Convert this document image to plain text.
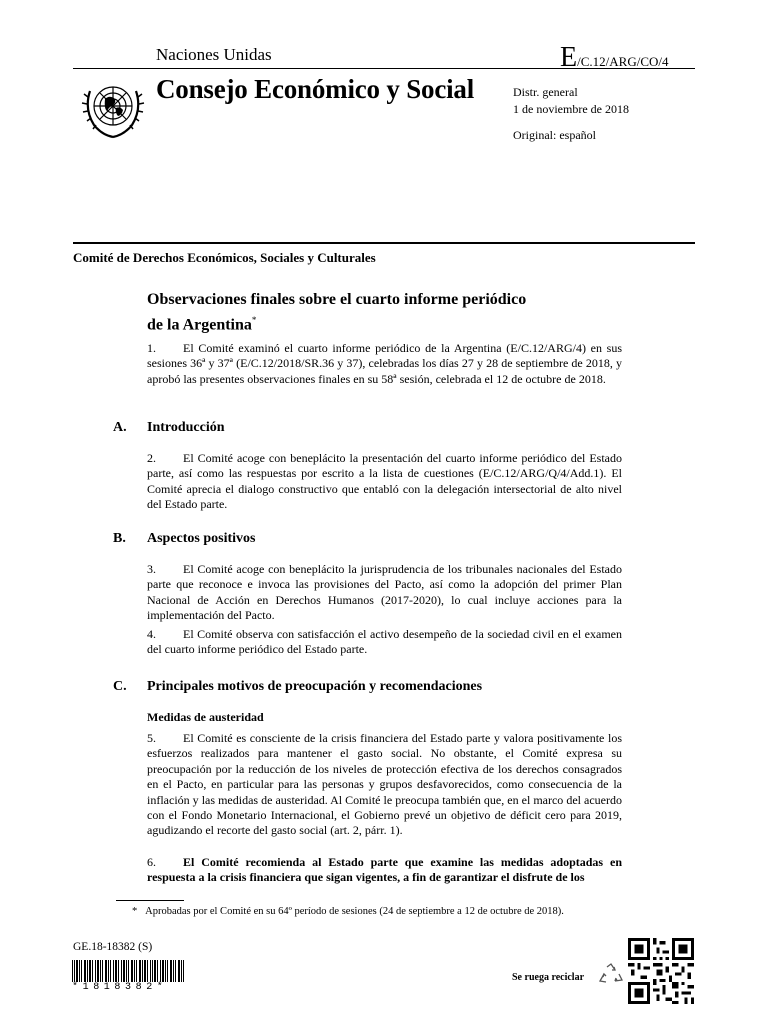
Naciones Unidas
Consejo Económico y Social
E/C.12/ARG/CO/4
Distr. general
1 de noviembre de 2018
Original: español
Comité de Derechos Económicos, Sociales y Culturales
Observaciones finales sobre el cuarto informe periódico
de la Argentina*
1. El Comité examinó el cuarto informe periódico de la Argentina (E/C.12/ARG/4) en sus sesiones 36ª y 37ª (E/C.12/2018/SR.36 y 37), celebradas los días 27 y 28 de septiembre de 2018, y aprobó las presentes observaciones finales en su 58ª sesión, celebrada el 12 de octubre de 2018.
A. Introducción
2. El Comité acoge con beneplácito la presentación del cuarto informe periódico del Estado parte, así como las respuestas por escrito a la lista de cuestiones (E/C.12/ARG/Q/4/Add.1). El Comité aprecia el dialogo constructivo que entabló con la delegación intersectorial de alto nivel del Estado parte.
B. Aspectos positivos
3. El Comité acoge con beneplácito la jurisprudencia de los tribunales nacionales del Estado parte que reconoce e invoca las provisiones del Pacto, así como la adopción del primer Plan Nacional de Acción en Derechos Humanos (2017-2020), lo cual incluye acciones para la implementación del Pacto.
4. El Comité observa con satisfacción el activo desempeño de la sociedad civil en el examen del cuarto informe periódico del Estado parte.
C. Principales motivos de preocupación y recomendaciones
Medidas de austeridad
5. El Comité es consciente de la crisis financiera del Estado parte y valora positivamente los esfuerzos realizados para mantener el gasto social. No obstante, el Comité expresa su preocupación por la reducción de los niveles de protección efectiva de los derechos consagrados en el Pacto, en particular para las personas y grupos desfavorecidos, como consecuencia de la inflación y las medidas de austeridad. Al Comité le preocupa también que, en el marco del acuerdo con el Fondo Monetario Internacional, el Gobierno prevé un objetivo de déficit cero para 2019, agudizando el recorte del gasto social (art. 2, párr. 1).
6. El Comité recomienda al Estado parte que examine las medidas adoptadas en respuesta a la crisis financiera que sigan vigentes, a fin de garantizar el disfrute de los
* Aprobadas por el Comité en su 64º período de sesiones (24 de septiembre a 12 de octubre de 2018).
GE.18-18382 (S)
*1818382*
Se ruega reciclar
